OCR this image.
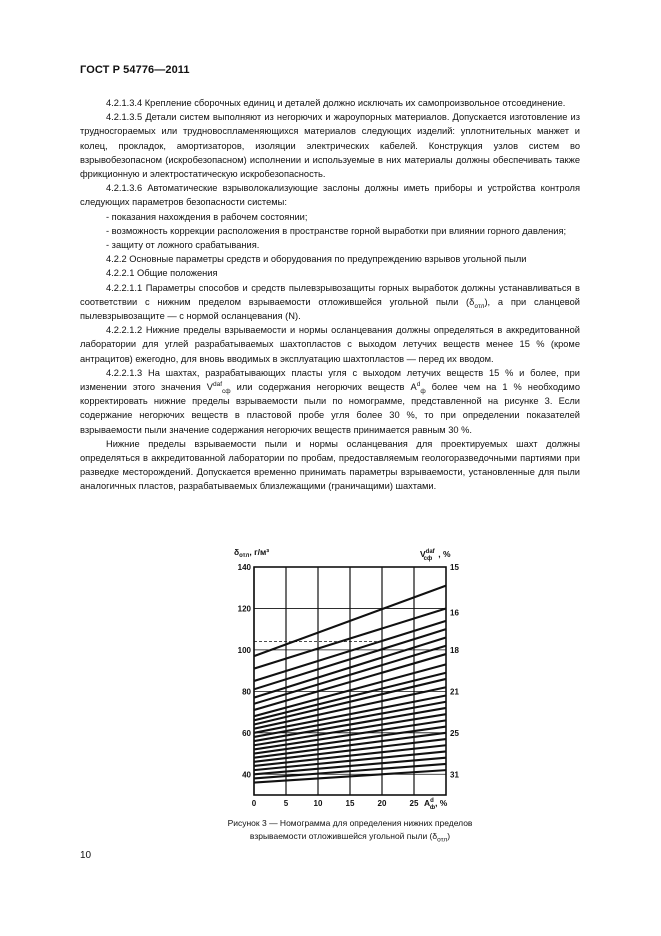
ГОСТ Р 54776—2011

4.2.1.3.4 Крепление сборочных единиц и деталей должно исключать их самопроизвольное отсоединение.

4.2.1.3.5 Детали систем выполняют из негорючих и жароупорных материалов. Допускается изготовление из трудносгораемых или трудновоспламеняющихся материалов следующих изделий: уплотнительных манжет и колец, прокладок, амортизаторов, изоляции электрических кабелей. Конструкция узлов систем во взрывобезопасном (искробезопасном) исполнении и используемые в них материалы должны обеспечивать также фрикционную и электростатическую искробезопасность.

4.2.1.3.6 Автоматические взрыволокализующие заслоны должны иметь приборы и устройства контроля следующих параметров безопасности системы:

- показания нахождения в рабочем состоянии;

- возможность коррекции расположения в пространстве горной выработки при влиянии горного давления;

- защиту от ложного срабатывания.

4.2.2 Основные параметры средств и оборудования по предупреждению взрывов угольной пыли

4.2.2.1 Общие положения

4.2.2.1.1 Параметры способов и средств пылевзрывозащиты горных выработок должны устанавливаться в соответствии с нижним пределом взрываемости отложившейся угольной пыли $(\delta_{отл})$, а при сланцевой пылевзрывозащите — с нормой осланцевания (N).

4.2.2.1.2 Нижние пределы взрываемости и нормы осланцевания должны определяться в аккредитованной лаборатории для углей разрабатываемых шахтопластов с выходом летучих веществ менее 15 % (кроме антрацитов) ежегодно, для вновь вводимых в эксплуатацию шахтопластов — перед их вводом.

4.2.2.1.3 На шахтах, разрабатывающих пласты угля с выходом летучих веществ 15 % и более, при изменении этого значения $V^{daf}_{сф}$ или содержания негорючих веществ $A^d_ф$ более чем на 1 % необходимо корректировать нижние пределы взрываемости пыли по номограмме, представленной на рисунке 3. Если содержание негорючих веществ в пластовой пробе угля более 30 %, то при определении показателей взрываемости пыли значение содержания негорючих веществ принимается равным 30 %.

Нижние пределы взрываемости пыли и нормы осланцевания для проектируемых шахт должны определяться в аккредитованной лаборатории по пробам, предоставляемым геологоразведочными партиями при разведке месторождений. Допускается временно принимать параметры взрываемости, установленные для пыли аналогичных пластов, разрабатываемых близлежащими (граничащими) шахтами.

140
120
100
80
60
40
15
16
18
21
25
31
0	5	10	15	20	25
$\delta_{отл}$, г/м³	$V^{daf}$ сф , %
$A^d$ ф, %
Рисунок 3 — Номограмма для определения нижних пределов
взрываемости отложившейся угольной пыли $(\delta_{отл})$
10
